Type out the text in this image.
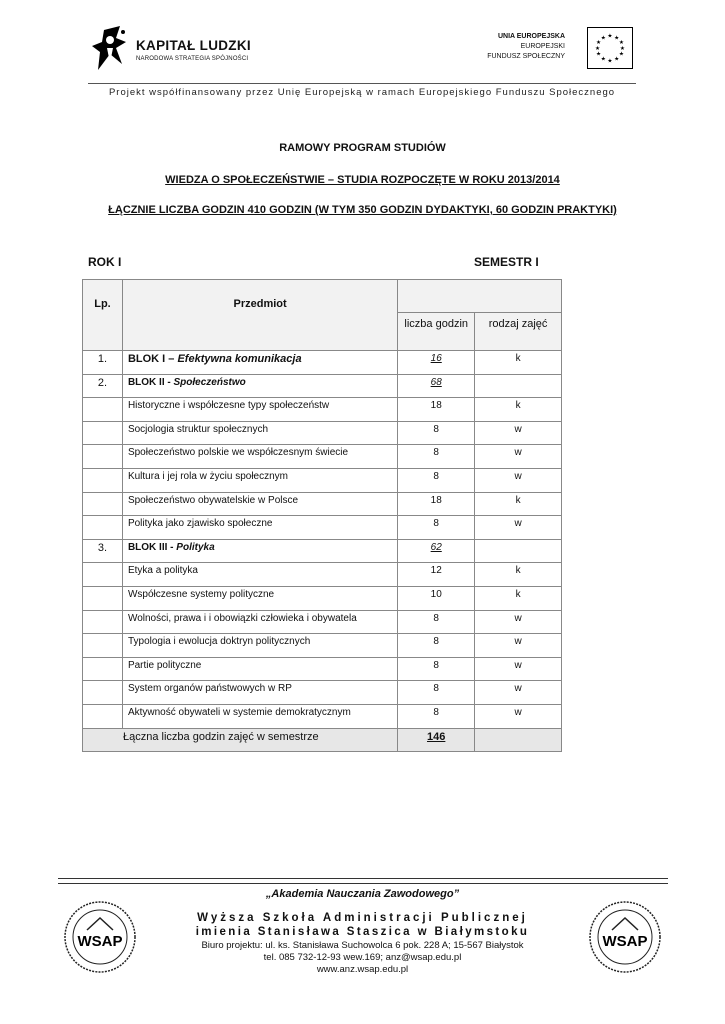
KAPITAŁ LUDZKI
NARODOWA STRATEGIA SPÓJNOŚCI
UNIA EUROPEJSKA
EUROPEJSKI
FUNDUSZ SPOŁECZNY
★ ★
★
★
★
★
★
★
★
★
★
★
Projekt współfinansowany przez Unię Europejską w ramach Europejskiego Funduszu Społecznego
RAMOWY PROGRAM STUDIÓW
WIEDZA O SPOŁECZEŃSTWIE – STUDIA ROZPOCZĘTE W ROKU 2013/2014
ŁĄCZNIE LICZBA GODZIN 410 GODZIN (W TYM 350 GODZIN DYDAKTYKI, 60 GODZIN PRAKTYKI)
ROK I	SEMESTR I
Lp.	Przedmiot		
		liczba godzin	rodzaj zajęć
1.	BLOK I – Efektywna komunikacja	16	k
2.	BLOK II - Społeczeństwo	68	
	Historyczne i współczesne typy społeczeństw	18	k
	Socjologia struktur społecznych	8	w
	Społeczeństwo polskie we współczesnym świecie	8	w
	Kultura i jej rola w życiu społecznym	8	w
	Społeczeństwo obywatelskie w Polsce	18	k
	Polityka jako zjawisko społeczne	8	w
3.	BLOK III - Polityka	62	
	Etyka a polityka	12	k
	Współczesne systemy polityczne	10	k
	Wolności, prawa i i obowiązki człowieka i obywatela	8	w
	Typologia i ewolucja doktryn politycznych	8	w
	Partie polityczne	8	w
	System organów państwowych w RP	8	w
	Aktywność obywateli w systemie demokratycznym	8	w
Łączna liczba godzin zajęć w semestrze		146	
WSAP	WSAP
„Akademia Nauczania Zawodowego”
Wyższa Szkoła Administracji Publicznej
imienia Stanisława Staszica w Białymstoku
Biuro projektu: ul. ks. Stanisława Suchowolca 6 pok. 228 A; 15-567 Białystok
tel. 085 732-12-93 wew.169; anz@wsap.edu.pl
www.anz.wsap.edu.pl
